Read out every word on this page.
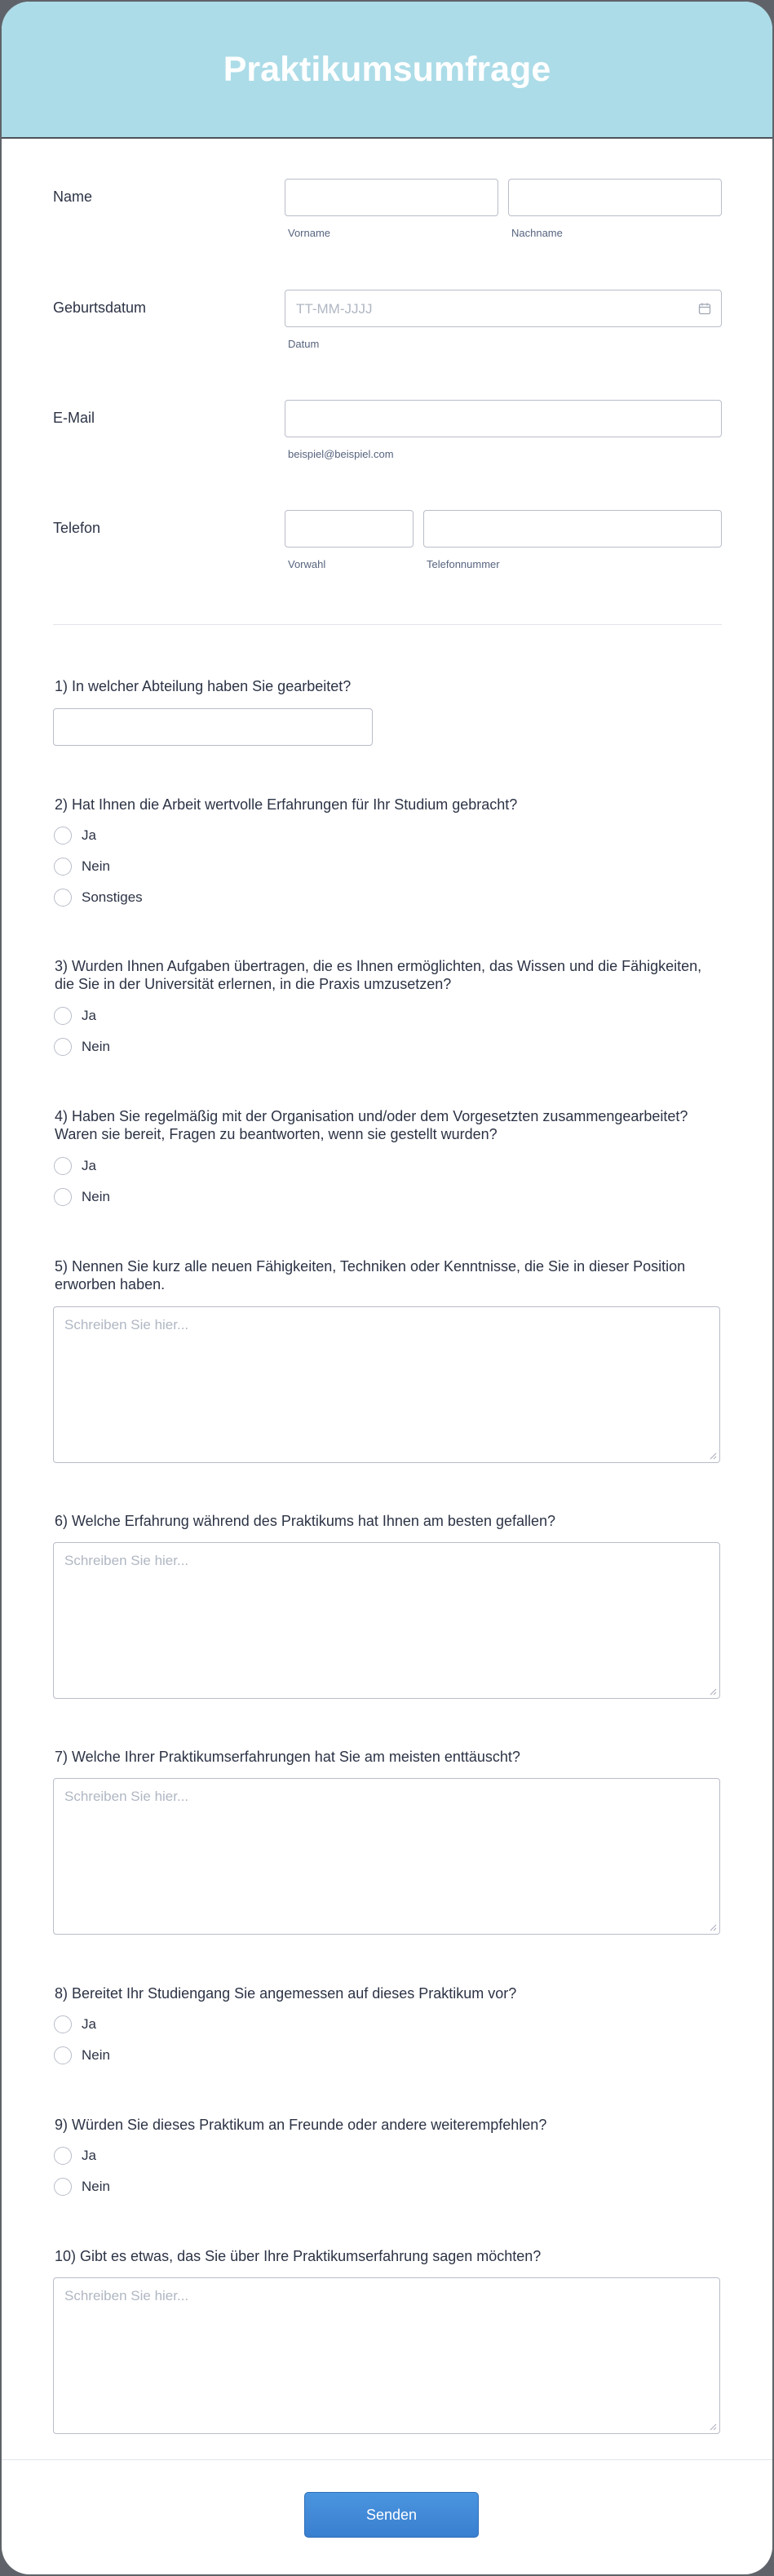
Praktikumsumfrage
Name
Vorname	Nachname
Geburtsdatum	TT-MM-JJJJ
Datum
E-Mail
beispiel@beispiel.com
Telefon
Vorwahl	Telefonnummer
1) In welcher Abteilung haben Sie gearbeitet?
2) Hat Ihnen die Arbeit wertvolle Erfahrungen für Ihr Studium gebracht?
Ja
Nein
Sonstiges
3) Wurden Ihnen Aufgaben übertragen, die es Ihnen ermöglichten, das Wissen und die Fähigkeiten,
die Sie in der Universität erlernen, in die Praxis umzusetzen?
Ja
Nein
4) Haben Sie regelmäßig mit der Organisation und/oder dem Vorgesetzten zusammengearbeitet?
Waren sie bereit, Fragen zu beantworten, wenn sie gestellt wurden?
Ja
Nein
5) Nennen Sie kurz alle neuen Fähigkeiten, Techniken oder Kenntnisse, die Sie in dieser Position
erworben haben.
Schreiben Sie hier...
6) Welche Erfahrung während des Praktikums hat Ihnen am besten gefallen?
Schreiben Sie hier...
7) Welche Ihrer Praktikumserfahrungen hat Sie am meisten enttäuscht?
Schreiben Sie hier...
8) Bereitet Ihr Studiengang Sie angemessen auf dieses Praktikum vor?
Ja
Nein
9) Würden Sie dieses Praktikum an Freunde oder andere weiterempfehlen?
Ja
Nein
10) Gibt es etwas, das Sie über Ihre Praktikumserfahrung sagen möchten?
Schreiben Sie hier...
Senden
